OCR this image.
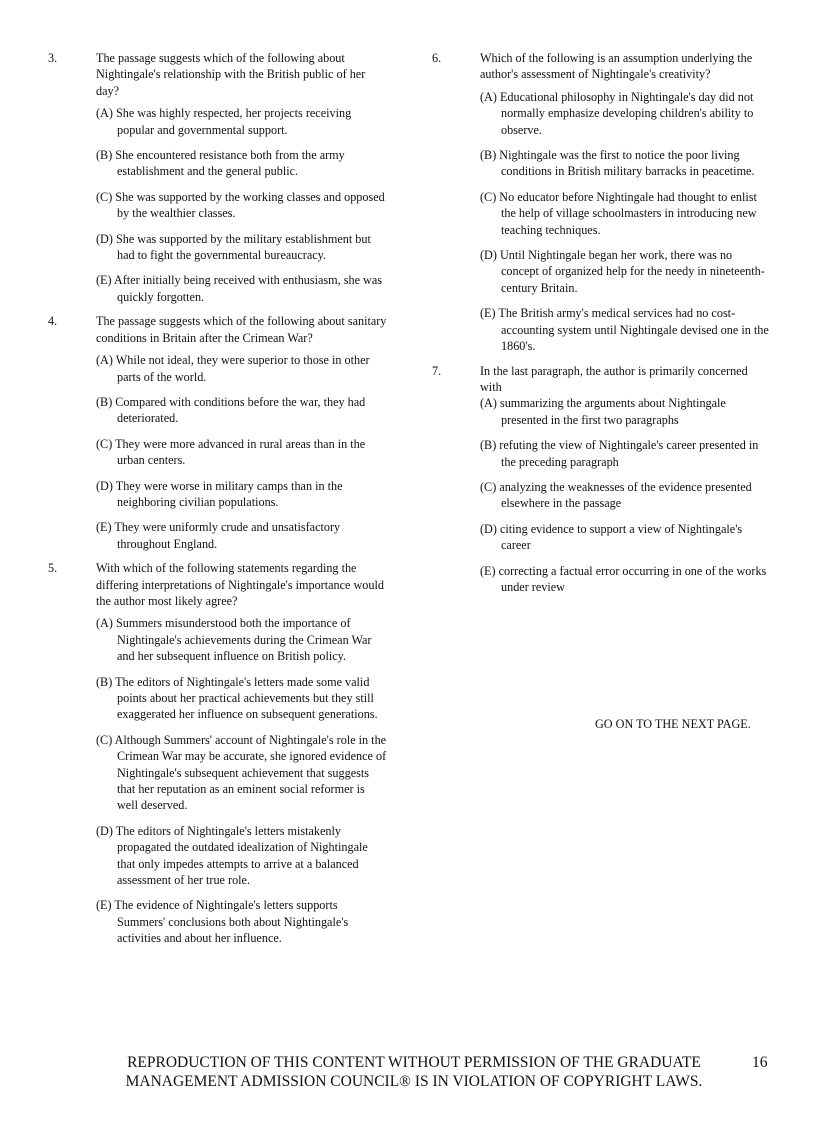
3.	The passage suggests which of the following about Nightingale's relationship with the British public of her day?
(A) She was highly respected, her projects receiving popular and governmental support.
(B) She encountered resistance both from the army establishment and the general public.
(C) She was supported by the working classes and opposed by the wealthier classes.
(D) She was supported by the military establishment but had to fight the governmental bureaucracy.
(E) After initially being received with enthusiasm, she was quickly forgotten.
4.	The passage suggests which of the following about sanitary conditions in Britain after the Crimean War?
(A) While not ideal, they were superior to those in other parts of the world.
(B) Compared with conditions before the war, they had deteriorated.
(C) They were more advanced in rural areas than in the urban centers.
(D) They were worse in military camps than in the neighboring civilian populations.
(E) They were uniformly crude and unsatisfactory throughout England.
5.	With which of the following statements regarding the differing interpretations of Nightingale's importance would the author most likely agree?
(A) Summers misunderstood both the importance of Nightingale's achievements during the Crimean War and her subsequent influence on British policy.
(B) The editors of Nightingale's letters made some valid points about her practical achievements but they still exaggerated her influence on subsequent generations.
(C) Although Summers' account of Nightingale's role in the Crimean War may be accurate, she ignored evidence of Nightingale's subsequent achievement that suggests that her reputation as an eminent social reformer is well deserved.
(D) The editors of Nightingale's letters mistakenly propagated the outdated idealization of Nightingale that only impedes attempts to arrive at a balanced assessment of her true role.
(E) The evidence of Nightingale's letters supports Summers' conclusions both about Nightingale's activities and about her influence.
6.	Which of the following is an assumption underlying the author's assessment of Nightingale's creativity?
(A) Educational philosophy in Nightingale's day did not normally emphasize developing children's ability to observe.
(B) Nightingale was the first to notice the poor living conditions in British military barracks in peacetime.
(C) No educator before Nightingale had thought to enlist the help of village schoolmasters in introducing new teaching techniques.
(D) Until Nightingale began her work, there was no concept of organized help for the needy in nineteenth-century Britain.
(E) The British army's medical services had no cost-accounting system until Nightingale devised one in the 1860's.
7.	In the last paragraph, the author is primarily concerned with
(A) summarizing the arguments about Nightingale presented in the first two paragraphs
(B) refuting the view of Nightingale's career presented in the preceding paragraph
(C) analyzing the weaknesses of the evidence presented elsewhere in the passage
(D) citing evidence to support a view of Nightingale's career
(E) correcting a factual error occurring in one of the works under review
GO ON TO THE NEXT PAGE.
REPRODUCTION OF THIS CONTENT WITHOUT PERMISSION OF THE GRADUATE
MANAGEMENT ADMISSION COUNCIL® IS IN VIOLATION OF COPYRIGHT LAWS.
16
